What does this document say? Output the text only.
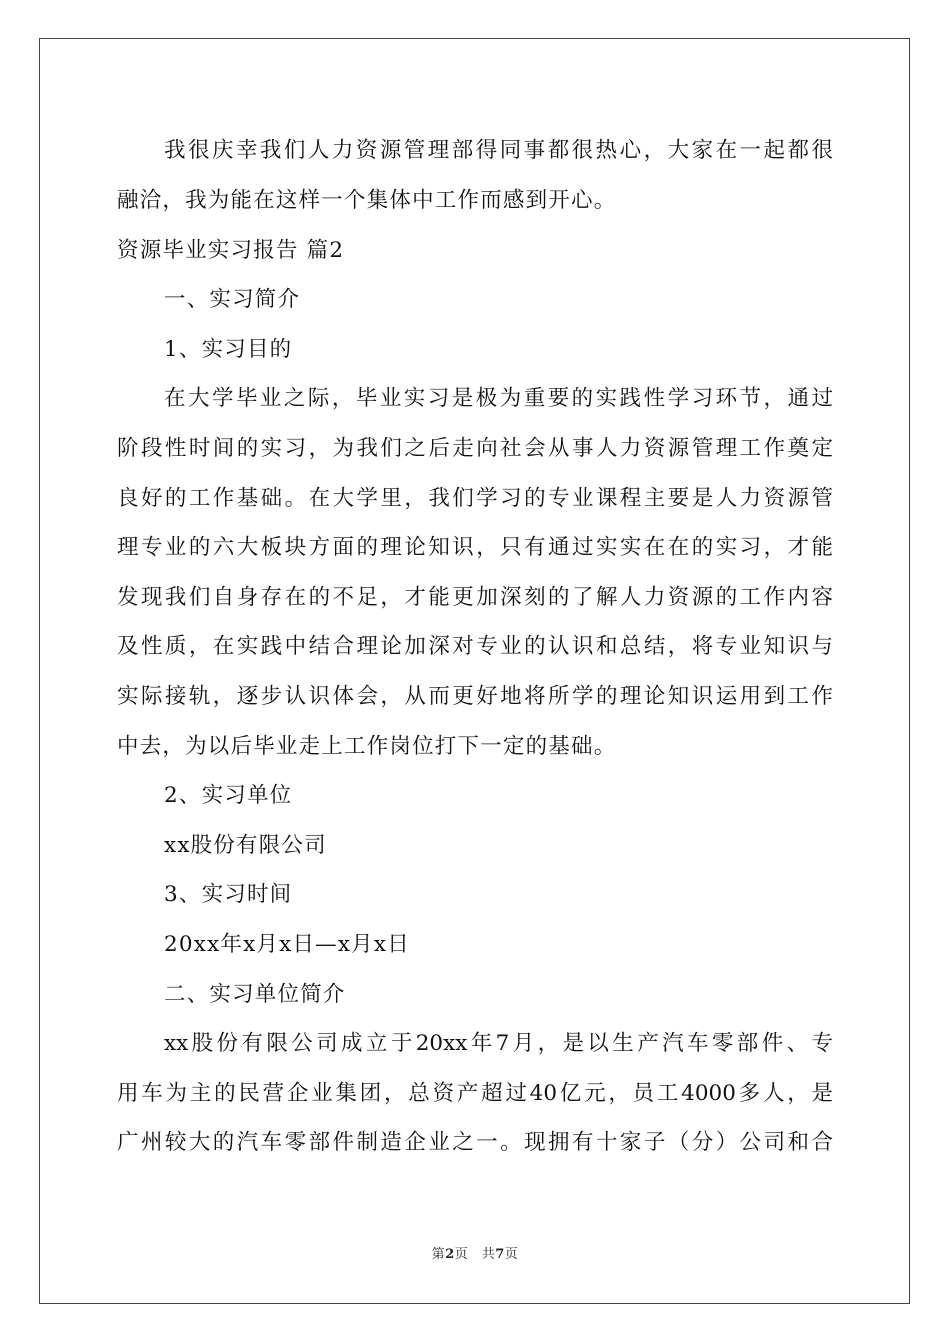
我很庆幸我们人力资源管理部得同事都很热心，大家在一起都很
融洽，我为能在这样一个集体中工作而感到开心。
资源毕业实习报告 篇2
一、实习简介
1、实习目的
在大学毕业之际，毕业实习是极为重要的实践性学习环节，通过
阶段性时间的实习，为我们之后走向社会从事人力资源管理工作奠定
良好的工作基础。在大学里，我们学习的专业课程主要是人力资源管
理专业的六大板块方面的理论知识，只有通过实实在在的实习，才能
发现我们自身存在的不足，才能更加深刻的了解人力资源的工作内容
及性质，在实践中结合理论加深对专业的认识和总结，将专业知识与
实际接轨，逐步认识体会，从而更好地将所学的理论知识运用到工作
中去，为以后毕业走上工作岗位打下一定的基础。
2、实习单位
xx股份有限公司
3、实习时间
20xx年x月x日—x月x日
二、实习单位简介
xx股份有限公司成立于20xx年7月，是以生产汽车零部件、专
用车为主的民营企业集团，总资产超过40亿元，员工4000多人，是
广州较大的汽车零部件制造企业之一。现拥有十家子（分）公司和合
第2页　共7页
